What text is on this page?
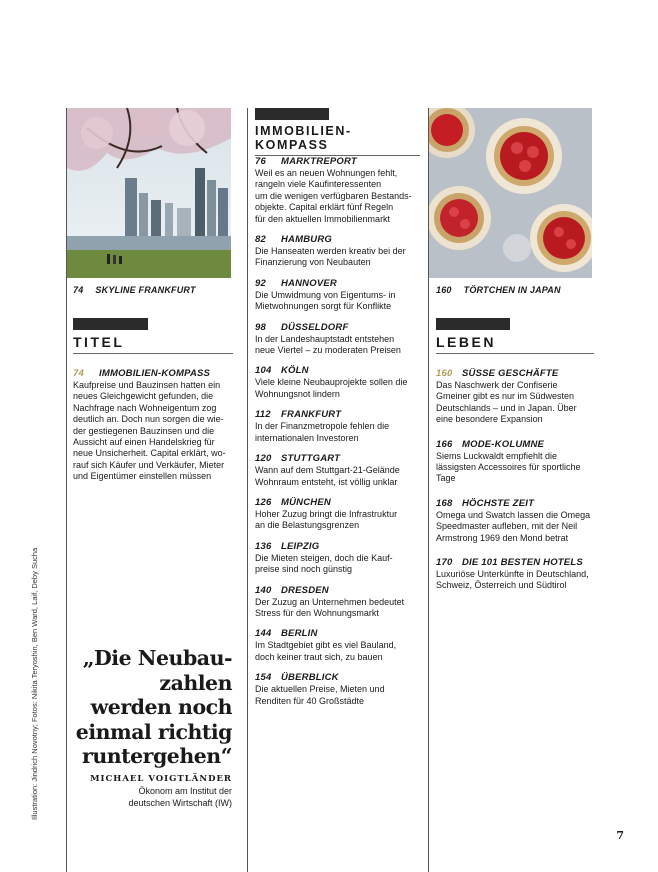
74 SKYLINE FRANKFURT
TITEL
74 IMMOBILIEN-KOMPASS
Kaufpreise und Bauzinsen hatten ein
neues Gleichgewicht gefunden, die
Nachfrage nach Wohneigentum zog
deutlich an. Doch nun sorgen die wie-
der gestiegenen Bauzinsen und die
Aussicht auf einen Handelskrieg für
neue Unsicherheit. Capital erklärt, wo-
rauf sich Käufer und Verkäufer, Mieter
und Eigentümer einstellen müssen
„Die Neubau-
zahlen
werden noch
einmal richtig
runtergehen“
MICHAEL VOIGTLÄNDER
Ökonom am Institut der
deutschen Wirtschaft (IW)
IMMOBILIEN-KOMPASS
76 MARKTREPORT
Weil es an neuen Wohnungen fehlt,
rangeln viele Kaufinteressenten
um die wenigen verfügbaren Bestands-
objekte. Capital erklärt fünf Regeln
für den aktuellen Immobilienmarkt
82 HAMBURG
Die Hanseaten werden kreativ bei der
Finanzierung von Neubauten
92 HANNOVER
Die Umwidmung von Eigentums- in
Mietwohnungen sorgt für Konflikte
98 DÜSSELDORF
In der Landeshauptstadt entstehen
neue Viertel – zu moderaten Preisen
104 KÖLN
Viele kleine Neubauprojekte sollen die
Wohnungsnot lindern
112 FRANKFURT
In der Finanzmetropole fehlen die
internationalen Investoren
120 STUTTGART
Wann auf dem Stuttgart-21-Gelände
Wohnraum entsteht, ist völlig unklar
126 MÜNCHEN
Hoher Zuzug bringt die Infrastruktur
an die Belastungsgrenzen
136 LEIPZIG
Die Mieten steigen, doch die Kauf-
preise sind noch günstig
140 DRESDEN
Der Zuzug an Unternehmen bedeutet
Stress für den Wohnungsmarkt
144 BERLIN
Im Stadtgebiet gibt es viel Bauland,
doch keiner traut sich, zu bauen
154 ÜBERBLICK
Die aktuellen Preise, Mieten und
Renditen für 40 Großstädte
160 TÖRTCHEN IN JAPAN
LEBEN
160 SÜSSE GESCHÄFTE
Das Naschwerk der Confiserie
Gmeiner gibt es nur im Südwesten
Deutschlands – und in Japan. Über
eine besondere Expansion
166 MODE-KOLUMNE
Siems Luckwaldt empfiehlt die
lässigsten Accessoires für sportliche
Tage
168 HÖCHSTE ZEIT
Omega und Swatch lassen die Omega
Speedmaster aufleben, mit der Neil
Armstrong 1969 den Mond betrat
170 DIE 101 BESTEN HOTELS
Luxuriöse Unterkünfte in Deutschland,
Schweiz, Österreich und Südtirol
Illustration: Jindrich Novotny; Fotos: Nikita Teryoshin, Ben Ward, Laif, Deby Sucha
7
